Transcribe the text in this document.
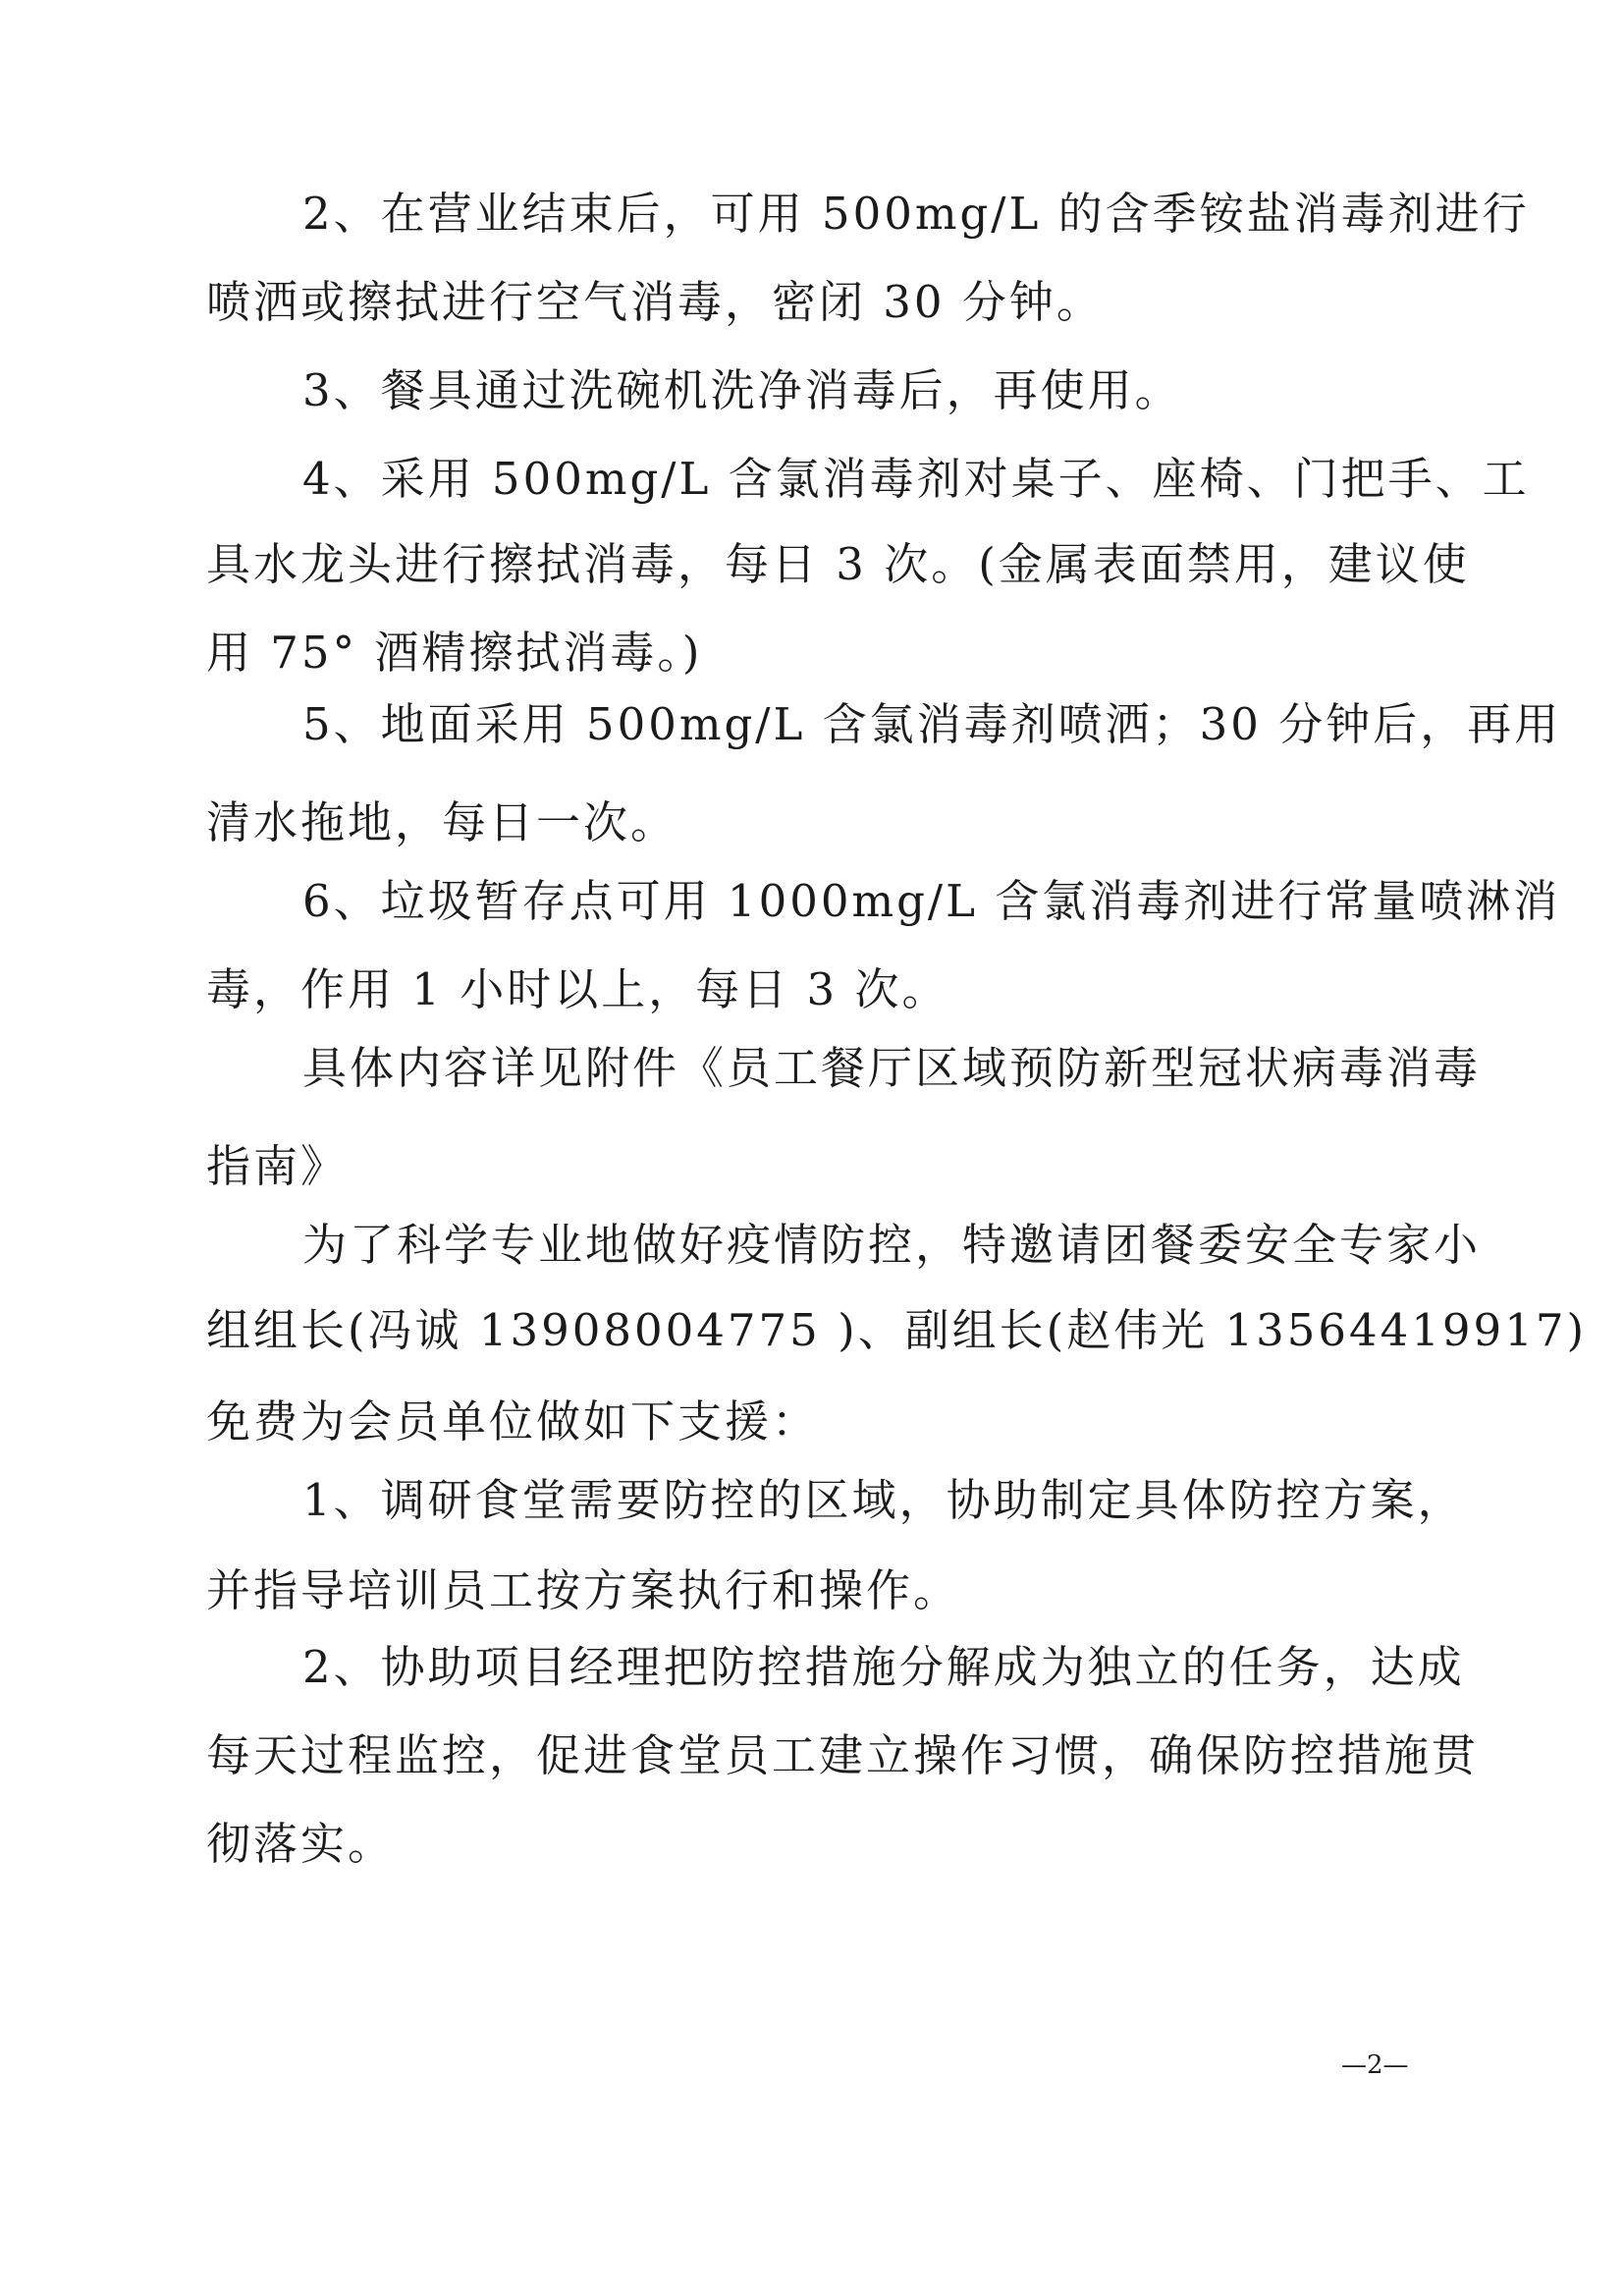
2、在营业结束后，可用 500mg/L 的含季铵盐消毒剂进行
喷洒或擦拭进行空气消毒，密闭 30 分钟。
3、餐具通过洗碗机洗净消毒后，再使用。
4、采用 500mg/L 含氯消毒剂对桌子、座椅、门把手、工
具水龙头进行擦拭消毒，每日 3 次。(金属表面禁用，建议使
用 75° 酒精擦拭消毒。)
5、地面采用 500mg/L 含氯消毒剂喷洒；30 分钟后，再用
清水拖地，每日一次。
6、垃圾暂存点可用 1000mg/L 含氯消毒剂进行常量喷淋消
毒，作用 1 小时以上，每日 3 次。
具体内容详见附件《员工餐厅区域预防新型冠状病毒消毒
指南》
为了科学专业地做好疫情防控，特邀请团餐委安全专家小
组组长(冯诚 13908004775 )、副组长(赵伟光 13564419917)
免费为会员单位做如下支援：
1、调研食堂需要防控的区域，协助制定具体防控方案，
并指导培训员工按方案执行和操作。
2、协助项目经理把防控措施分解成为独立的任务，达成
每天过程监控，促进食堂员工建立操作习惯，确保防控措施贯
彻落实。
—2—
